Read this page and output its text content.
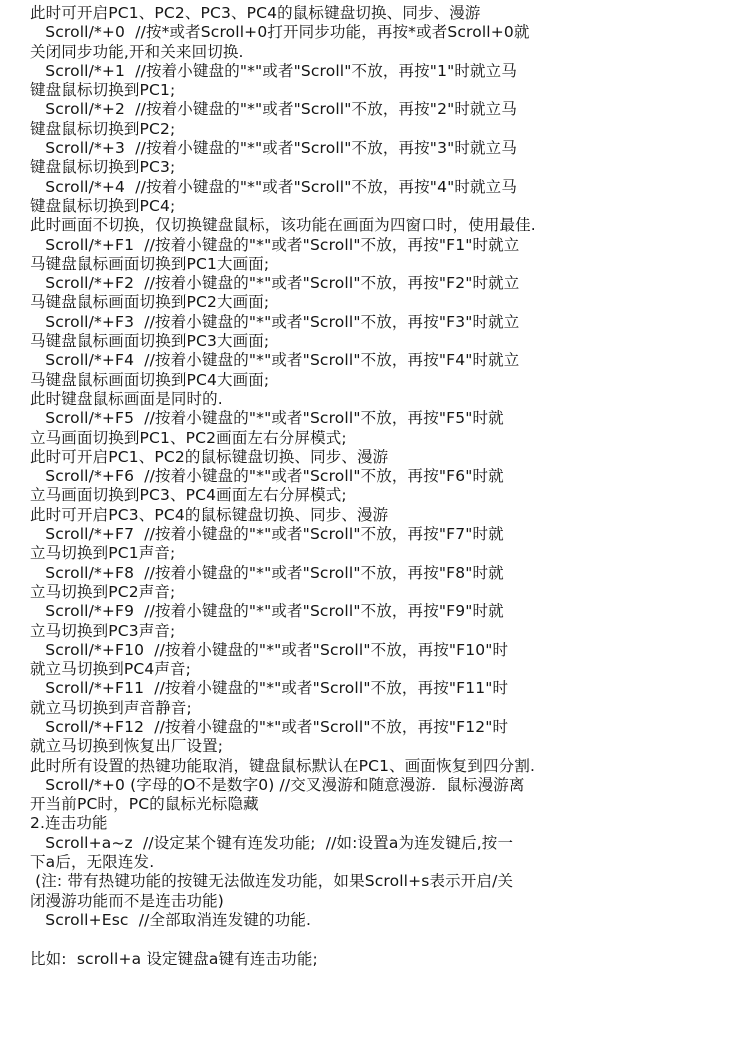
此时可开启PC1、PC2、PC3、PC4的鼠标键盘切换、同步、漫游
Scroll/*+0  //按*或者Scroll+0打开同步功能，再按*或者Scroll+0就
关闭同步功能,开和关来回切换.
Scroll/*+1  //按着小键盘的"*"或者"Scroll"不放，再按"1"时就立马
键盘鼠标切换到PC1;
Scroll/*+2  //按着小键盘的"*"或者"Scroll"不放，再按"2"时就立马
键盘鼠标切换到PC2;
Scroll/*+3  //按着小键盘的"*"或者"Scroll"不放，再按"3"时就立马
键盘鼠标切换到PC3;
Scroll/*+4  //按着小键盘的"*"或者"Scroll"不放，再按"4"时就立马
键盘鼠标切换到PC4;
此时画面不切换，仅切换键盘鼠标，该功能在画面为四窗口时，使用最佳.
Scroll/*+F1  //按着小键盘的"*"或者"Scroll"不放，再按"F1"时就立
马键盘鼠标画面切换到PC1大画面;
Scroll/*+F2  //按着小键盘的"*"或者"Scroll"不放，再按"F2"时就立
马键盘鼠标画面切换到PC2大画面;
Scroll/*+F3  //按着小键盘的"*"或者"Scroll"不放，再按"F3"时就立
马键盘鼠标画面切换到PC3大画面;
Scroll/*+F4  //按着小键盘的"*"或者"Scroll"不放，再按"F4"时就立
马键盘鼠标画面切换到PC4大画面;
此时键盘鼠标画面是同时的.
Scroll/*+F5  //按着小键盘的"*"或者"Scroll"不放，再按"F5"时就
立马画面切换到PC1、PC2画面左右分屏模式;
此时可开启PC1、PC2的鼠标键盘切换、同步、漫游
Scroll/*+F6  //按着小键盘的"*"或者"Scroll"不放，再按"F6"时就
立马画面切换到PC3、PC4画面左右分屏模式;
此时可开启PC3、PC4的鼠标键盘切换、同步、漫游
Scroll/*+F7  //按着小键盘的"*"或者"Scroll"不放，再按"F7"时就
立马切换到PC1声音;
Scroll/*+F8  //按着小键盘的"*"或者"Scroll"不放，再按"F8"时就
立马切换到PC2声音;
Scroll/*+F9  //按着小键盘的"*"或者"Scroll"不放，再按"F9"时就
立马切换到PC3声音;
Scroll/*+F10  //按着小键盘的"*"或者"Scroll"不放，再按"F10"时
就立马切换到PC4声音;
Scroll/*+F11  //按着小键盘的"*"或者"Scroll"不放，再按"F11"时
就立马切换到声音静音;
Scroll/*+F12  //按着小键盘的"*"或者"Scroll"不放，再按"F12"时
就立马切换到恢复出厂设置;
此时所有设置的热键功能取消，键盘鼠标默认在PC1、画面恢复到四分割.
Scroll/*+0 (字母的O不是数字0) //交叉漫游和随意漫游.  鼠标漫游离
开当前PC时，PC的鼠标光标隐藏
2.连击功能
Scroll+a~z  //设定某个键有连发功能;  //如:设置a为连发键后,按一
下a后，无限连发.
(注: 带有热键功能的按键无法做连发功能，如果Scroll+s表示开启/关
闭漫游功能而不是连击功能)
Scroll+Esc  //全部取消连发键的功能.
比如:  scroll+a 设定键盘a键有连击功能;
